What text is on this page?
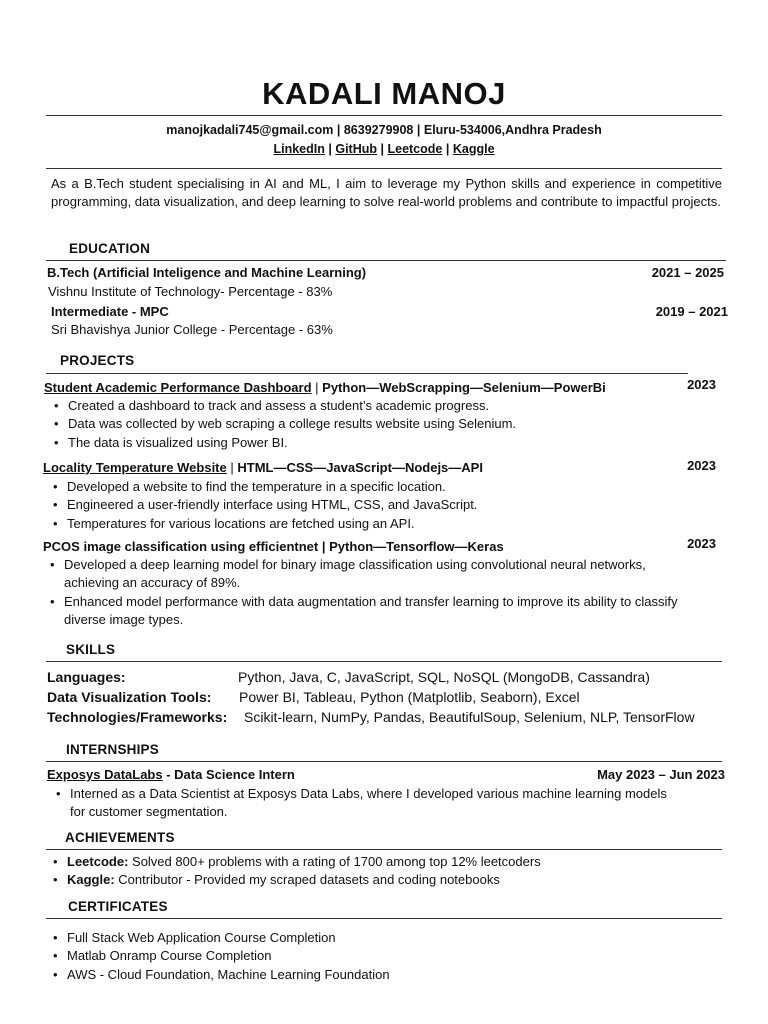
KADALI MANOJ
manojkadali745@gmail.com | 8639279908 | Eluru-534006,Andhra Pradesh
LinkedIn | GitHub | Leetcode | Kaggle
As a B.Tech student specialising in AI and ML, I aim to leverage my Python skills and experience in competitive programming, data visualization, and deep learning to solve real-world problems and contribute to impactful projects.
EDUCATION
B.Tech (Artificial Inteligence and Machine Learning)	2021 – 2025
Vishnu Institute of Technology- Percentage - 83%
Intermediate - MPC	2019 – 2021
Sri Bhavishya Junior College - Percentage - 63%
PROJECTS
Student Academic Performance Dashboard | Python—WebScrapping—Selenium—PowerBi	2023
• Created a dashboard to track and assess a student’s academic progress.
• Data was collected by web scraping a college results website using Selenium.
• The data is visualized using Power BI.
Locality Temperature Website | HTML—CSS—JavaScript—Nodejs—API	2023
• Developed a website to find the temperature in a specific location.
• Engineered a user-friendly interface using HTML, CSS, and JavaScript.
• Temperatures for various locations are fetched using an API.
PCOS image classification using efficientnet | Python—Tensorflow—Keras	2023
• Developed a deep learning model for binary image classification using convolutional neural networks, achieving an accuracy of 89%.
• Enhanced model performance with data augmentation and transfer learning to improve its ability to classify diverse image types.
SKILLS
Languages:	Python, Java, C, JavaScript, SQL, NoSQL (MongoDB, Cassandra)
Data Visualization Tools: Power BI, Tableau, Python (Matplotlib, Seaborn), Excel
Technologies/Frameworks: Scikit-learn, NumPy, Pandas, BeautifulSoup, Selenium, NLP, TensorFlow
INTERNSHIPS
Exposys DataLabs - Data Science Intern	May 2023 – Jun 2023
• Interned as a Data Scientist at Exposys Data Labs, where I developed various machine learning models for customer segmentation.
ACHIEVEMENTS
• Leetcode: Solved 800+ problems with a rating of 1700 among top 12% leetcoders
• Kaggle: Contributor - Provided my scraped datasets and coding notebooks
CERTIFICATES
• Full Stack Web Application Course Completion
• Matlab Onramp Course Completion
• AWS - Cloud Foundation, Machine Learning Foundation
